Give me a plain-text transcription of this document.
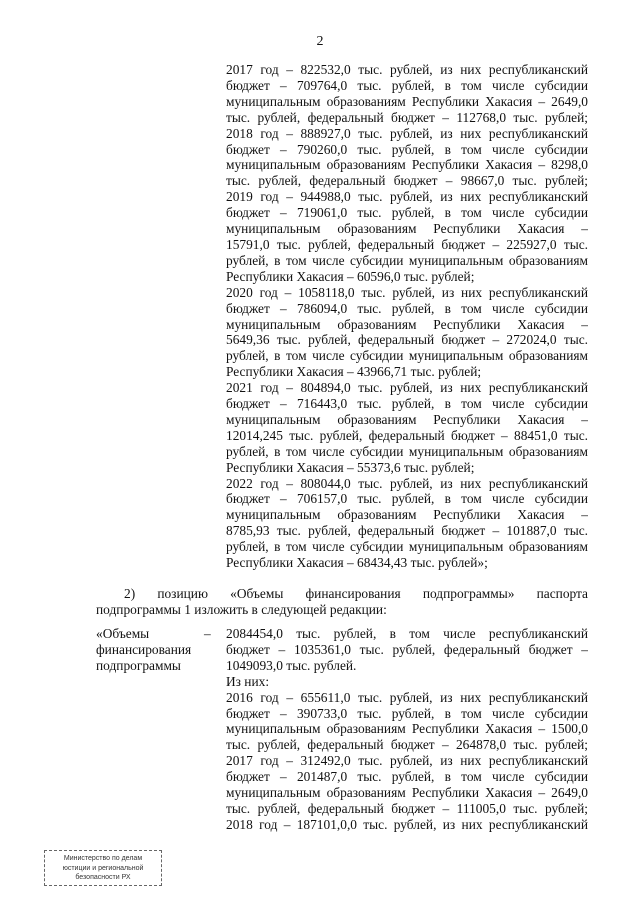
2
2017 год – 822532,0 тыс. рублей, из них республиканский
бюджет – 709764,0 тыс. рублей, в том числе субсидии
муниципальным образованиям Республики Хакасия – 2649,0
тыс. рублей, федеральный бюджет – 112768,0 тыс. рублей;
2018 год – 888927,0 тыс. рублей, из них республиканский
бюджет – 790260,0 тыс. рублей, в том числе субсидии
муниципальным образованиям Республики Хакасия – 8298,0
тыс. рублей, федеральный бюджет – 98667,0 тыс. рублей;
2019 год – 944988,0 тыс. рублей, из них республиканский
бюджет – 719061,0 тыс. рублей, в том числе субсидии
муниципальным образованиям Республики Хакасия –
15791,0 тыс. рублей, федеральный бюджет – 225927,0 тыс.
рублей, в том числе субсидии муниципальным образованиям
Республики Хакасия – 60596,0 тыс. рублей;
2020 год – 1058118,0 тыс. рублей, из них республиканский
бюджет – 786094,0 тыс. рублей, в том числе субсидии
муниципальным образованиям Республики Хакасия –
5649,36 тыс. рублей, федеральный бюджет – 272024,0 тыс.
рублей, в том числе субсидии муниципальным образованиям
Республики Хакасия – 43966,71 тыс. рублей;
2021 год – 804894,0 тыс. рублей, из них республиканский
бюджет – 716443,0 тыс. рублей, в том числе субсидии
муниципальным образованиям Республики Хакасия –
12014,245 тыс. рублей, федеральный бюджет – 88451,0 тыс.
рублей, в том числе субсидии муниципальным образованиям
Республики Хакасия – 55373,6 тыс. рублей;
2022 год – 808044,0 тыс. рублей, из них республиканский
бюджет – 706157,0 тыс. рублей, в том числе субсидии
муниципальным образованиям Республики Хакасия –
8785,93 тыс. рублей, федеральный бюджет – 101887,0 тыс.
рублей, в том числе субсидии муниципальным образованиям
Республики Хакасия – 68434,43 тыс. рублей»;
2) позицию «Объемы финансирования подпрограммы» паспорта
подпрограммы 1 изложить в следующей редакции:
«Объемы
финансирования
подпрограммы
– 2084454,0 тыс. рублей, в том числе республиканский
бюджет – 1035361,0 тыс. рублей, федеральный бюджет –
1049093,0 тыс. рублей.
Из них:
2016 год – 655611,0 тыс. рублей, из них республиканский
бюджет – 390733,0 тыс. рублей, в том числе субсидии
муниципальным образованиям Республики Хакасия – 1500,0
тыс. рублей, федеральный бюджет – 264878,0 тыс. рублей;
2017 год – 312492,0 тыс. рублей, из них республиканский
бюджет – 201487,0 тыс. рублей, в том числе субсидии
муниципальным образованиям Республики Хакасия – 2649,0
тыс. рублей, федеральный бюджет – 111005,0 тыс. рублей;
2018 год – 187101,0,0 тыс. рублей, из них республиканский
Министерство по делам
юстиции и региональной
безопасности РХ
